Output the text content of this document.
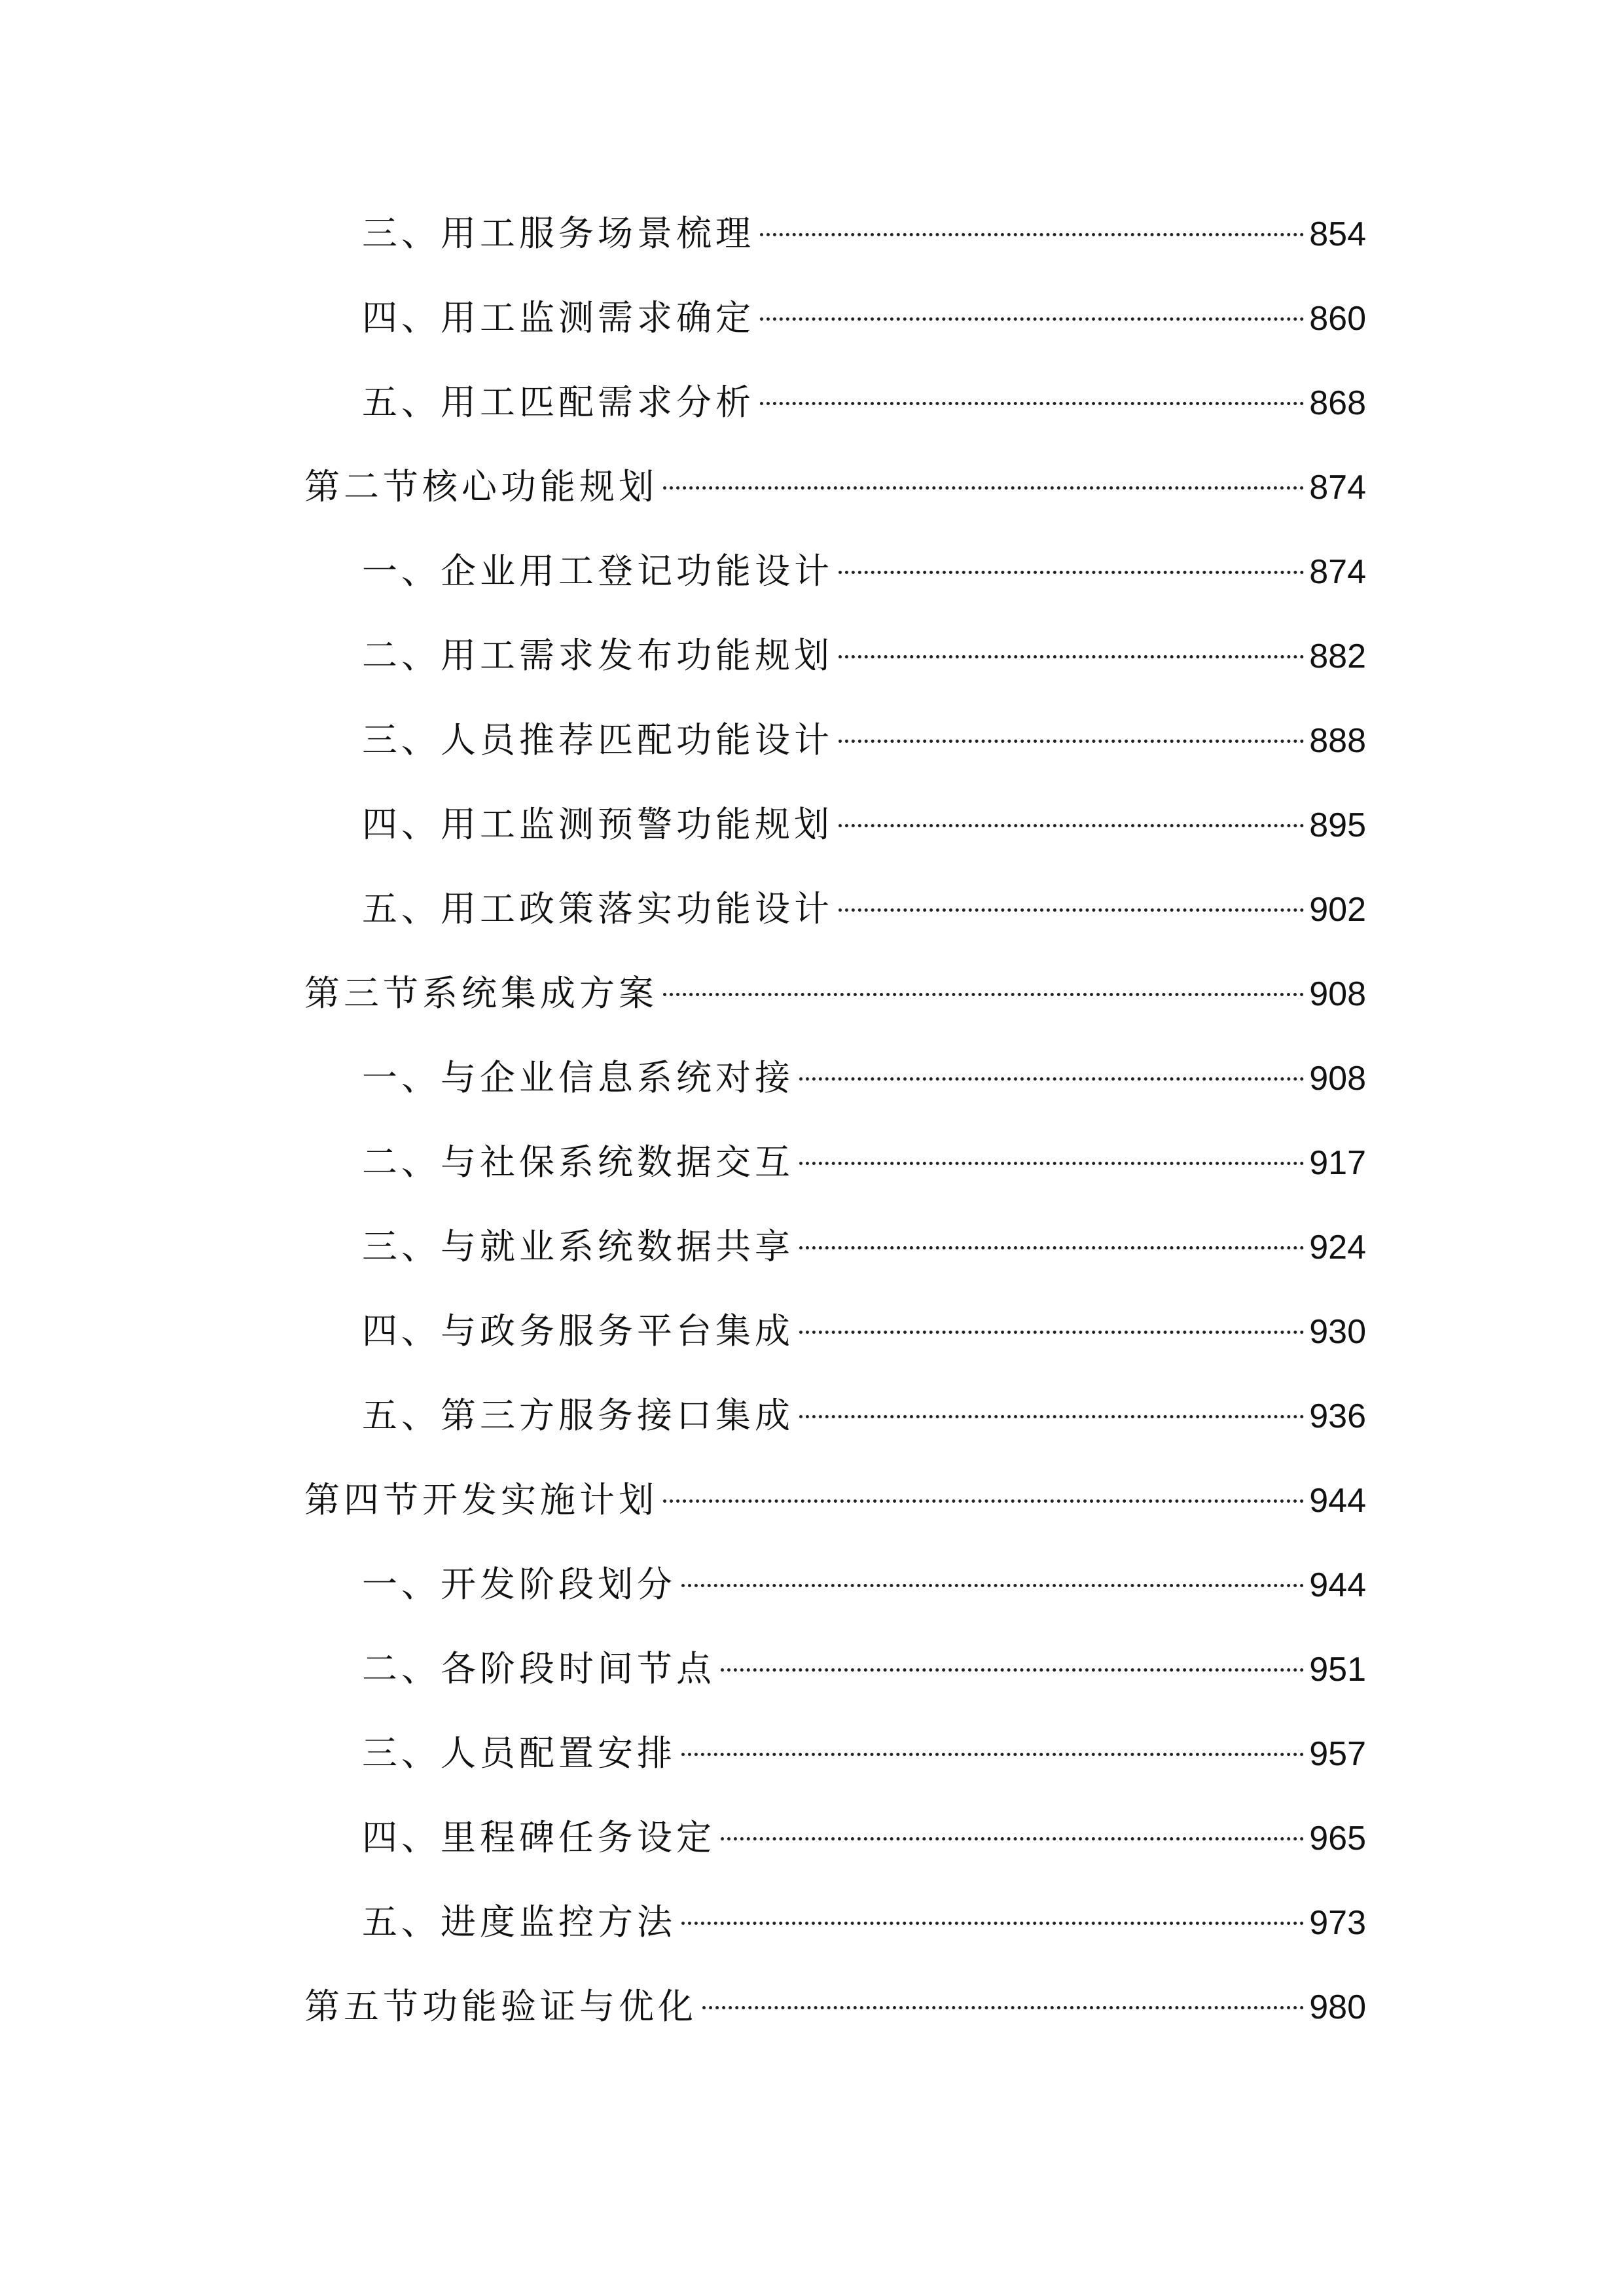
三、用工服务场景梳理	854
四、用工监测需求确定	860
五、用工匹配需求分析	868
第二节核心功能规划	874
一、企业用工登记功能设计	874
二、用工需求发布功能规划	882
三、人员推荐匹配功能设计	888
四、用工监测预警功能规划	895
五、用工政策落实功能设计	902
第三节系统集成方案	908
一、与企业信息系统对接	908
二、与社保系统数据交互	917
三、与就业系统数据共享	924
四、与政务服务平台集成	930
五、第三方服务接口集成	936
第四节开发实施计划	944
一、开发阶段划分	944
二、各阶段时间节点	951
三、人员配置安排	957
四、里程碑任务设定	965
五、进度监控方法	973
第五节功能验证与优化	980
